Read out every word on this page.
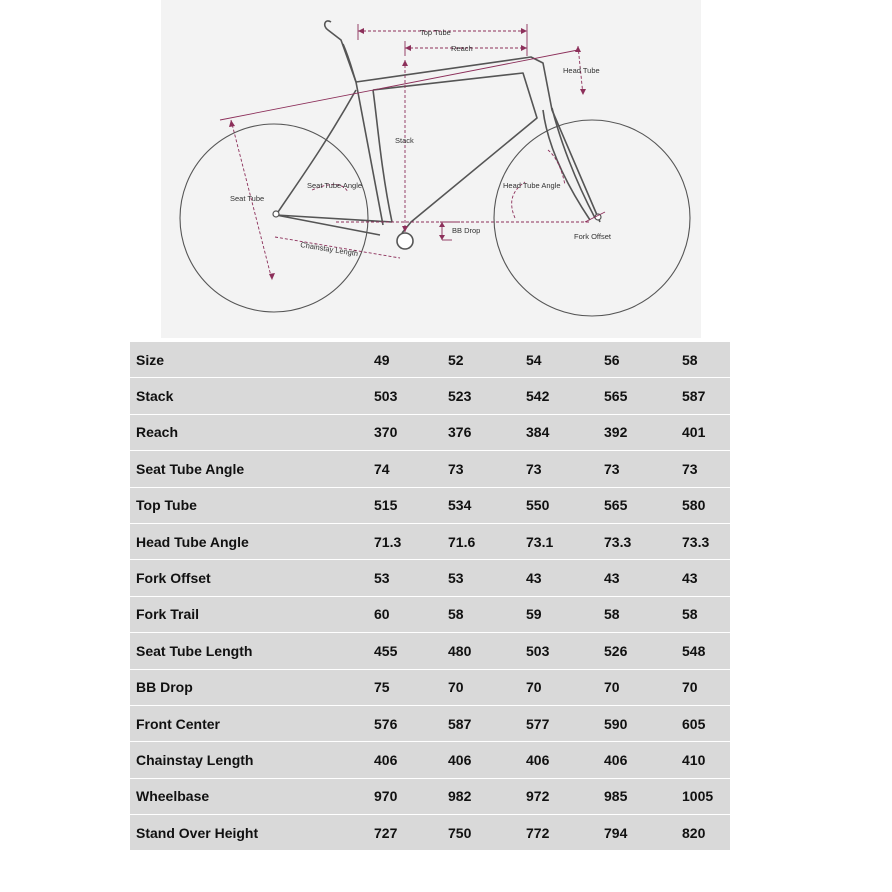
Top Tube
Reach
Head Tube
Stack
Seat Tube
Seat Tube Angle	Head Tube Angle
BB Drop
Fork Offset
Chainstay Length
Size	49	52	54	56	58
Stack	503	523	542	565	587
Reach	370	376	384	392	401
Seat Tube Angle	74	73	73	73	73
Top Tube	515	534	550	565	580
Head Tube Angle	71.3	71.6	73.1	73.3	73.3
Fork Offset	53	53	43	43	43
Fork Trail	60	58	59	58	58
Seat Tube Length	455	480	503	526	548
BB Drop	75	70	70	70	70
Front Center	576	587	577	590	605
Chainstay Length	406	406	406	406	410
Wheelbase	970	982	972	985	1005
Stand Over Height	727	750	772	794	820
